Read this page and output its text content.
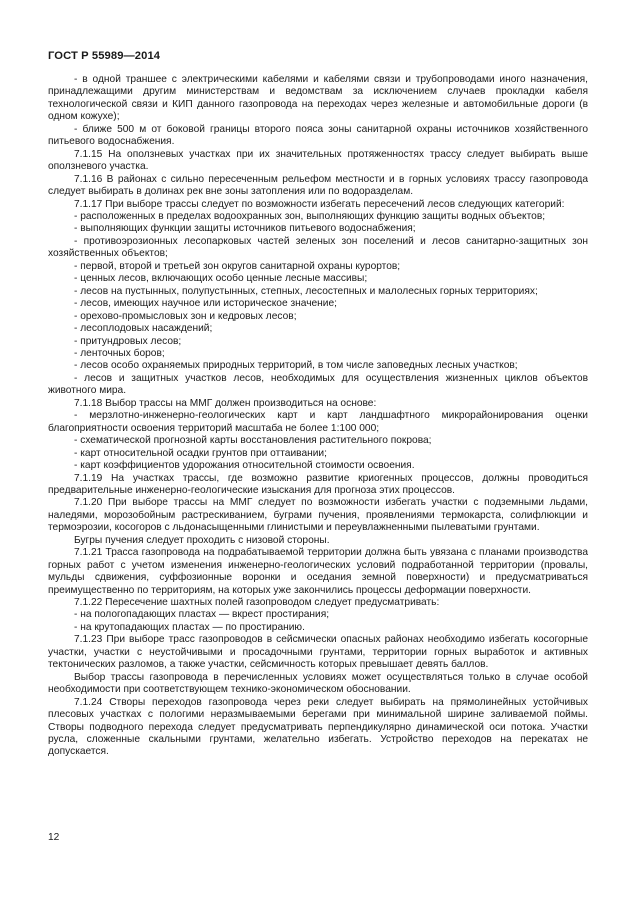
ГОСТ Р 55989—2014

- в одной траншее с электрическими кабелями и кабелями связи и трубопроводами иного назначения, принадлежащими другим министерствам и ведомствам за исключением случаев прокладки кабеля технологической связи и КИП данного газопровода на переходах через железные и автомобильные дороги (в одном кожухе);

- ближе 500 м от боковой границы второго пояса зоны санитарной охраны источников хозяйственного питьевого водоснабжения.

7.1.15 На оползневых участках при их значительных протяженностях трассу следует выбирать выше оползневого участка.

7.1.16 В районах с сильно пересеченным рельефом местности и в горных условиях трассу газопровода следует выбирать в долинах рек вне зоны затопления или по водоразделам.

7.1.17 При выборе трассы следует по возможности избегать пересечений лесов следующих категорий:

- расположенных в пределах водоохранных зон, выполняющих функцию защиты водных объектов;

- выполняющих функции защиты источников питьевого водоснабжения;

- противоэрозионных лесопарковых частей зеленых зон поселений и лесов санитарно-защитных зон хозяйственных объектов;

- первой, второй и третьей зон округов санитарной охраны курортов;

- ценных лесов, включающих особо ценные лесные массивы;

- лесов на пустынных, полупустынных, степных, лесостепных и малолесных горных территориях;

- лесов, имеющих научное или историческое значение;

- орехово-промысловых зон и кедровых лесов;

- лесоплодовых насаждений;

- притундровых лесов;

- ленточных боров;

- лесов особо охраняемых природных территорий, в том числе заповедных лесных участков;

- лесов и защитных участков лесов, необходимых для осуществления жизненных циклов объектов животного мира.

7.1.18 Выбор трассы на ММГ должен производиться на основе:

- мерзлотно-инженерно-геологических карт и карт ландшафтного микрорайонирования оценки благоприятности освоения территорий масштаба не более 1:100 000;

- схематической прогнозной карты восстановления растительного покрова;

- карт относительной осадки грунтов при оттаивании;

- карт коэффициентов удорожания относительной стоимости освоения.

7.1.19 На участках трассы, где возможно развитие криогенных процессов, должны проводиться предварительные инженерно-геологические изыскания для прогноза этих процессов.

7.1.20 При выборе трассы на ММГ следует по возможности избегать участки с подземными льдами, наледями, морозобойным растрескиванием, буграми пучения, проявлениями термокарста, солифлюкции и термоэрозии, косогоров с льдонасыщенными глинистыми и переувлажненными пылеватыми грунтами.

Бугры пучения следует проходить с низовой стороны.

7.1.21 Трасса газопровода на подрабатываемой территории должна быть увязана с планами производства горных работ с учетом изменения инженерно-геологических условий подработанной территории (провалы, мульды сдвижения, суффозионные воронки и оседания земной поверхности) и предусматриваться преимущественно по территориям, на которых уже закончились процессы деформации поверхности.

7.1.22 Пересечение шахтных полей газопроводом следует предусматривать:

- на пологопадающих пластах — вкрест простирания;

- на крутопадающих пластах — по простиранию.

7.1.23 При выборе трасс газопроводов в сейсмически опасных районах необходимо избегать косогорные участки, участки с неустойчивыми и просадочными грунтами, территории горных выработок и активных тектонических разломов, а также участки, сейсмичность которых превышает девять баллов.

Выбор трассы газопровода в перечисленных условиях может осуществляться только в случае особой необходимости при соответствующем технико-экономическом обосновании.

7.1.24 Створы переходов газопровода через реки следует выбирать на прямолинейных устойчивых плесовых участках с пологими неразмываемыми берегами при минимальной ширине заливаемой поймы. Створы подводного перехода следует предусматривать перпендикулярно динамической оси потока. Участки русла, сложенные скальными грунтами, желательно избегать. Устройство переходов на перекатах не допускается.

12
